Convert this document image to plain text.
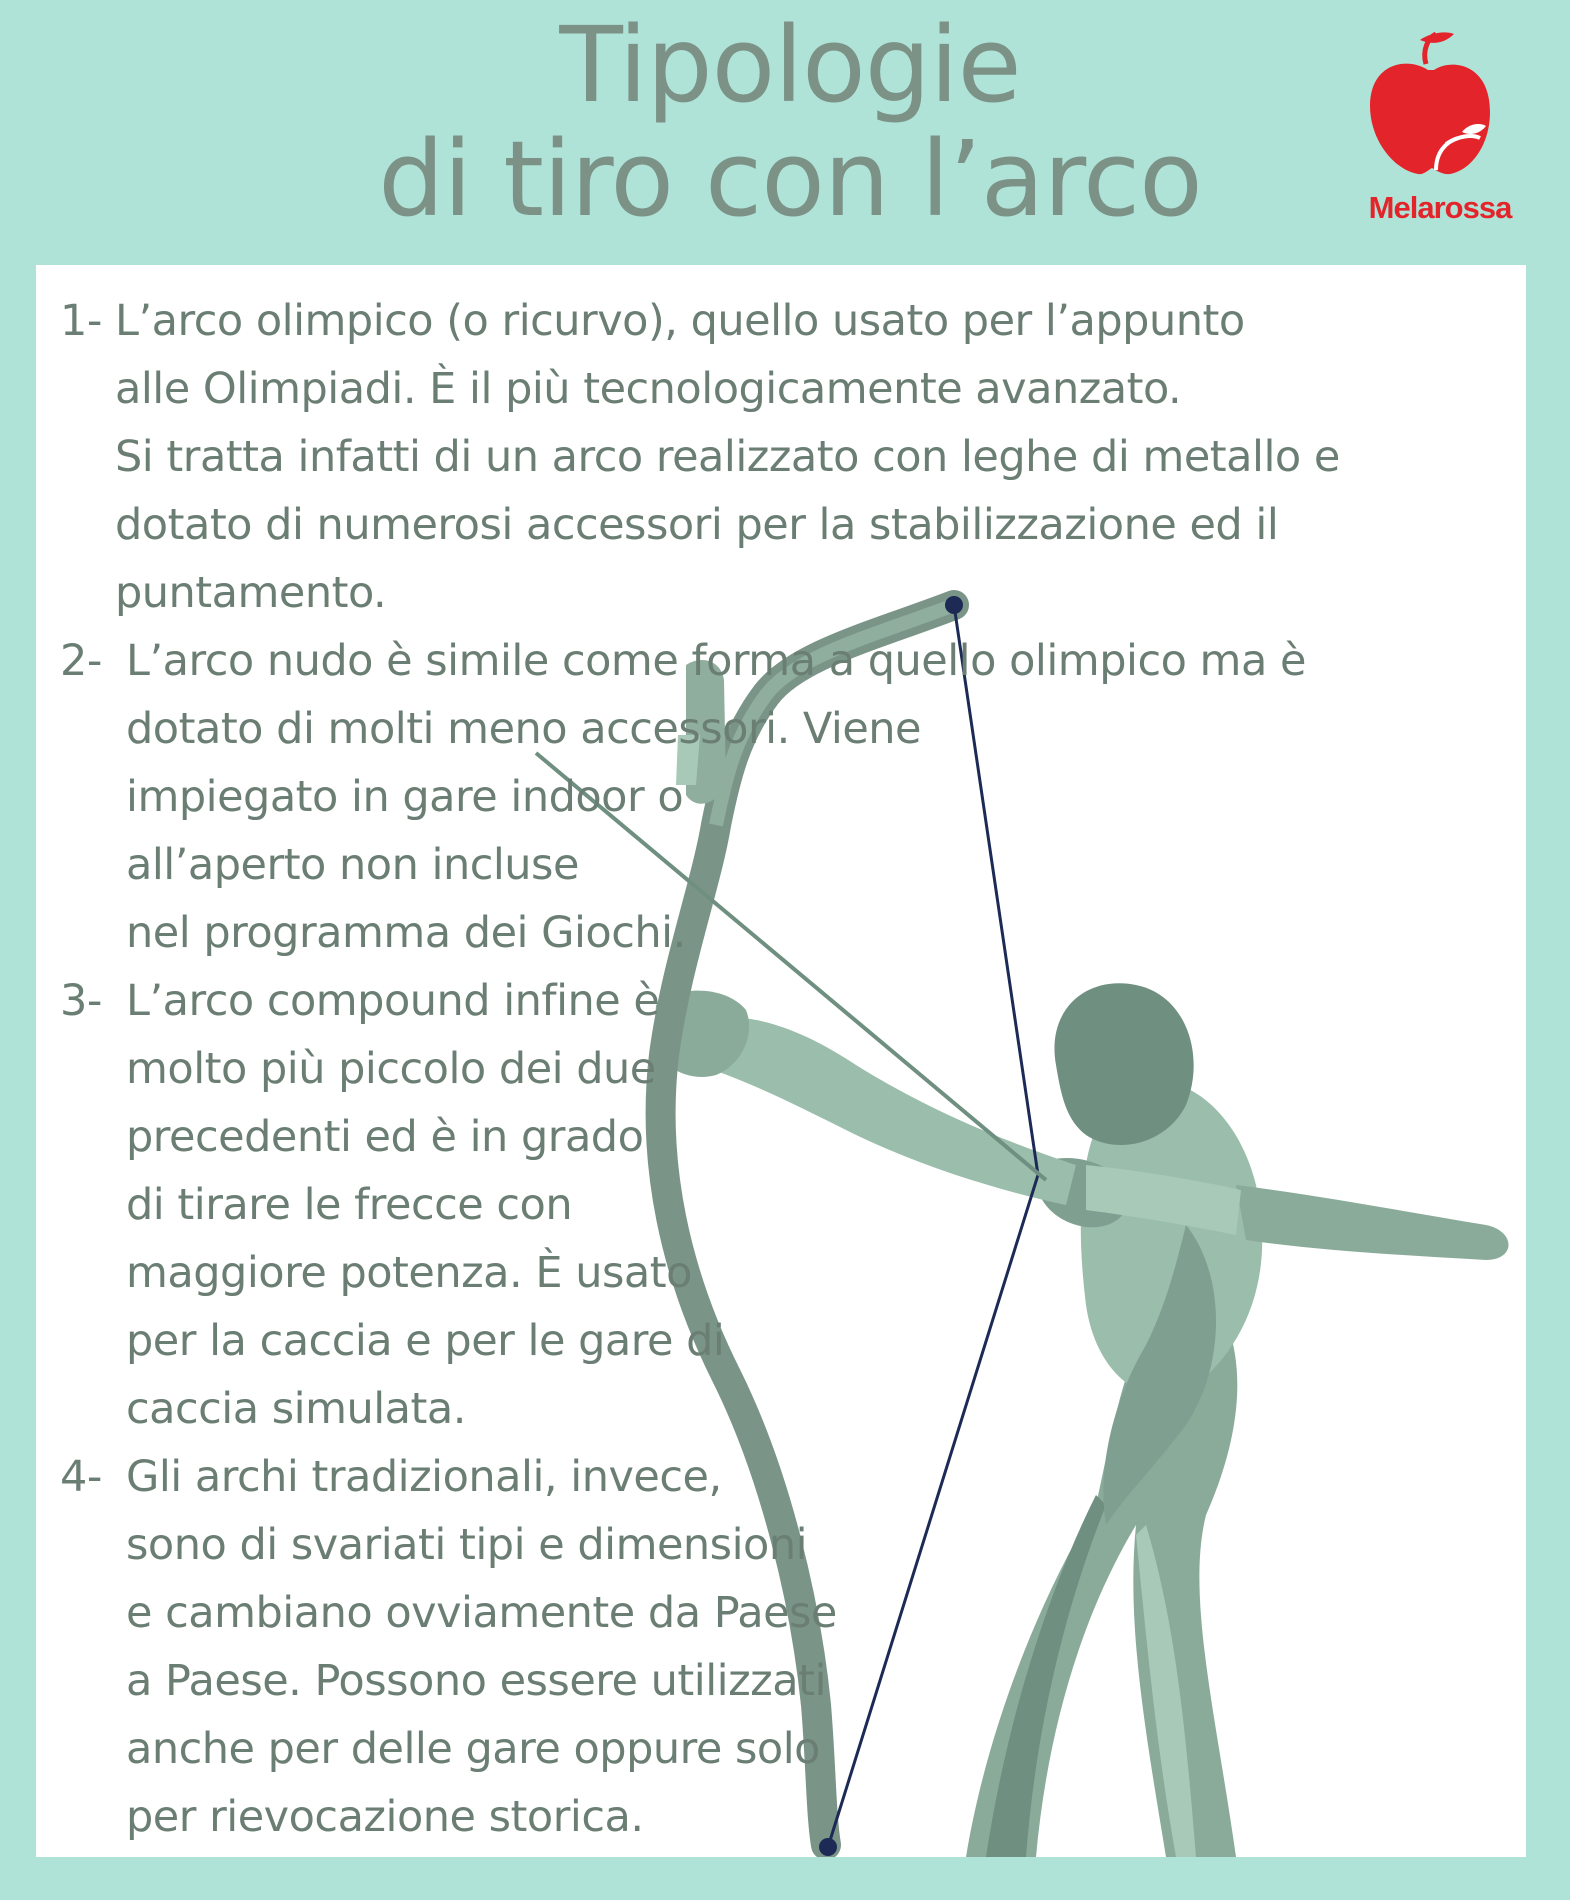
Tipologie
di tiro con l’arco	Melarossa
1- L’arco olimpico (o ricurvo), quello usato per l’appunto
alle Olimpiadi. È il più tecnologicamente avanzato.
Si tratta infatti di un arco realizzato con leghe di metallo e
dotato di numerosi accessori per la stabilizzazione ed il
puntamento.
2- L’arco nudo è simile come forma a quello olimpico ma è
dotato di molti meno accessori. Viene
impiegato in gare indoor o
all’aperto non incluse
nel programma dei Giochi.
3- L’arco compound infine è
molto più piccolo dei due
precedenti ed è in grado
di tirare le frecce con
maggiore potenza. È usato
per la caccia e per le gare di
caccia simulata.
4- Gli archi tradizionali, invece,
sono di svariati tipi e dimensioni
e cambiano ovviamente da Paese
a Paese. Possono essere utilizzati
anche per delle gare oppure solo
per rievocazione storica.
